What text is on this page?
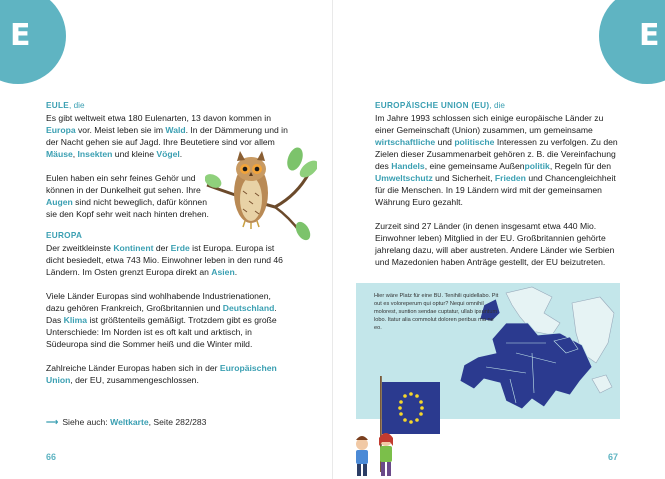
E	E
EULE, die

Es gibt weltweit etwa 180 Eulenarten, 13 davon kommen in Europa vor. Meist leben sie im Wald. In der Dämmerung und in der Nacht gehen sie auf Jagd. Ihre Beutetiere sind vor allem Mäuse, Insekten und kleine Vögel.

Eulen haben ein sehr feines Gehör und können in der Dunkelheit gut sehen. Ihre Augen sind nicht beweglich, dafür können sie den Kopf sehr weit nach hinten drehen.

EUROPA

Der zweitkleinste Kontinent der Erde ist Europa. Europa ist dicht besiedelt, etwa 743 Mio. Einwohner leben in den rund 46 Ländern. Im Osten grenzt Europa direkt an Asien.

Viele Länder Europas sind wohlhabende Industrienationen, dazu gehören Frankreich, Großbritannien und Deutschland. Das Klima ist größtenteils gemäßigt. Trotzdem gibt es große Unterschiede: Im Norden ist es oft kalt und arktisch, in Südeuropa sind die Sommer heiß und die Winter mild.

Zahlreiche Länder Europas haben sich in der Europäischen Union, der EU, zusammengeschlossen.

⟶ Siehe auch: Weltkarte, Seite 282/283
66
EUROPÄISCHE UNION (EU), die

Im Jahre 1993 schlossen sich einige europäische Länder zu einer Gemeinschaft (Union) zusammen, um gemeinsame wirtschaftliche und politische Interessen zu verfolgen. Zu den Zielen dieser Zusammenarbeit gehören z. B. die Vereinfachung des Handels, eine gemeinsame Außenpolitik, Regeln für den Umweltschutz und Sicherheit, Frieden und Chancengleichheit für die Menschen. In 19 Ländern wird mit der gemeinsamen Währung Euro gezahlt.

Zurzeit sind 27 Länder (in denen insgesamt etwa 440 Mio. Einwohner leben) Mitglied in der EU. Großbritannien gehörte jahrelang dazu, will aber austreten. Andere Länder wie Serbien und Mazedonien haben Anträge gestellt, der EU beizutreten.

Hier wäre Platz für eine BU. Tenihili quidellabo. Pit out es voloreperum qui optur? Nequi omnihil molorest, suntion sendae cuptatur, ullab ipsuntum lobo. Itatur alia commolut doloren peribus ma ne eo.
67
